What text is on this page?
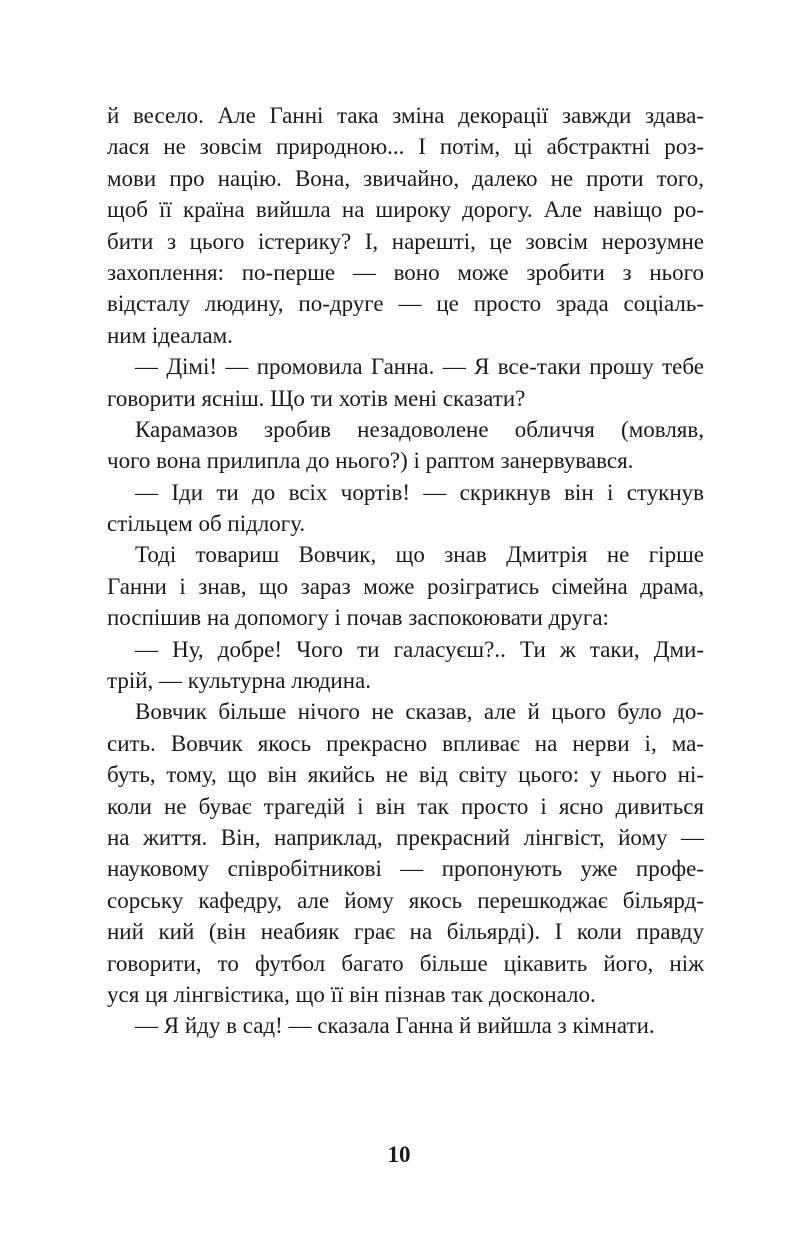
й весело. Але Ганні така зміна декорації завжди здава-
лася не зовсім природною... І потім, ці абстрактні роз-
мови про націю. Вона, звичайно, далеко не проти того,
щоб її країна вийшла на широку дорогу. Але навіщо ро-
бити з цього істерику? І, нарешті, це зовсім нерозумне
захоплення: по-перше — воно може зробити з нього
відсталу людину, по-друге — це просто зрада соціаль-
ним ідеалам.
— Дімі! — промовила Ганна. — Я все-таки прошу тебе
говорити ясніш. Що ти хотів мені сказати?
Карамазов зробив незадоволене обличчя (мовляв,
чого вона прилипла до нього?) і раптом занервувався.
— Іди ти до всіх чортів! — скрикнув він і стукнув
стільцем об підлогу.
Тоді товариш Вовчик, що знав Дмитрія не гірше
Ганни і знав, що зараз може розігратись сімейна драма,
поспішив на допомогу і почав заспокоювати друга:
— Ну, добре! Чого ти галасуєш?.. Ти ж таки, Дми-
трій, — культурна людина.
Вовчик більше нічого не сказав, але й цього було до-
сить. Вовчик якось прекрасно впливає на нерви і, ма-
буть, тому, що він якийсь не від світу цього: у нього ні-
коли не буває трагедій і він так просто і ясно дивиться
на життя. Він, наприклад, прекрасний лінгвіст, йому —
науковому співробітникові — пропонують уже профе-
сорську кафедру, але йому якось перешкоджає більярд-
ний кий (він неабияк грає на більярді). І коли правду
говорити, то футбол багато більше цікавить його, ніж
уся ця лінгвістика, що її він пізнав так досконало.
— Я йду в сад! — сказала Ганна й вийшла з кімнати.
10
